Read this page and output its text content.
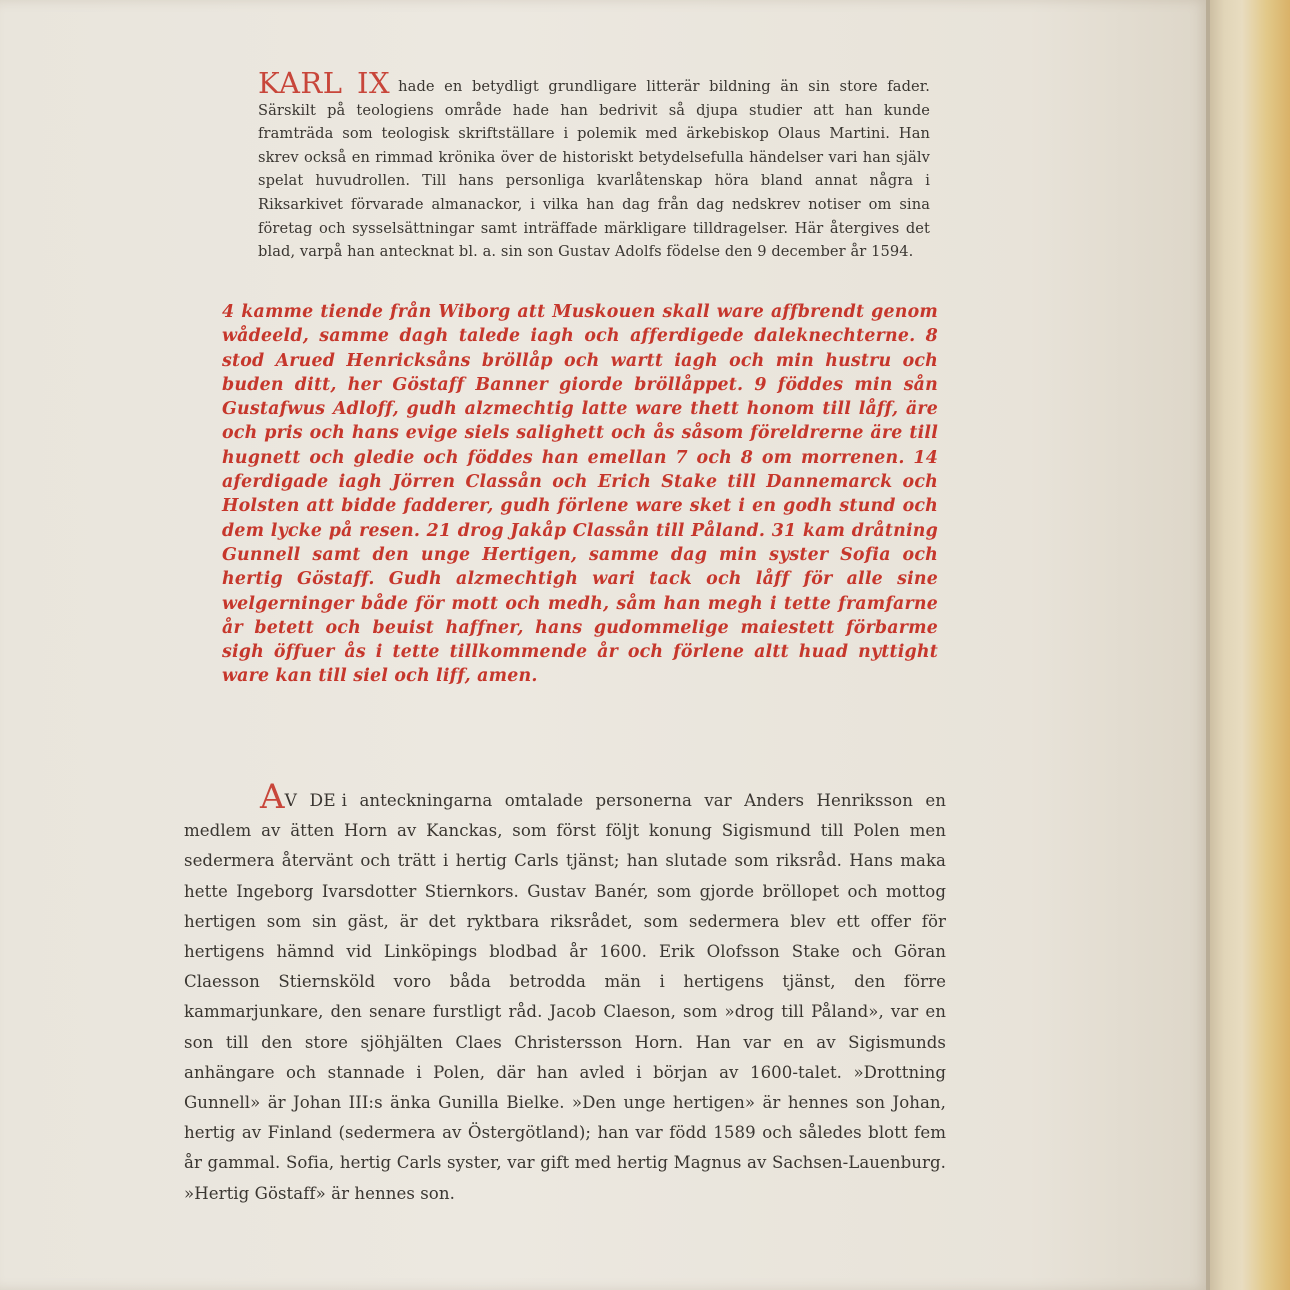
KARL IX hade en betydligt grundligare litterär bildning än sin store fader. Särskilt på teologiens område hade han bedrivit så djupa studier att han kunde framträda som teologisk skriftställare i polemik med ärkebiskop Olaus Martini. Han skrev också en rimmad krönika över de historiskt betydelsefulla händelser vari han själv spelat huvudrollen. Till hans personliga kvarlåtenskap höra bland annat några i Riksarkivet förvarade almanackor, i vilka han dag från dag nedskrev notiser om sina företag och sysselsättningar samt inträffade märkligare tilldragelser. Här återgives det blad, varpå han antecknat bl. a. sin son Gustav Adolfs födelse den 9 december år 1594.

4 kamme tiende från Wiborg att Muskouen skall ware affbrendt genom wådeeld, samme dagh talede iagh och afferdigede daleknechterne. 8 stod Arued Henricksåns bröllåp och wartt iagh och min hustru och buden ditt, her Göstaff Banner giorde bröllåppet. 9 föddes min sån Gustafwus Adloff, gudh alzmechtig latte ware thett honom till låff, äre och pris och hans evige siels salighett och ås såsom föreldrerne äre till hugnett och gledie och föddes han emellan 7 och 8 om morrenen. 14 aferdigade iagh Jörren Classån och Erich Stake till Dannemarck och Holsten att bidde fadderer, gudh förlene ware sket i en godh stund och dem lycke på resen. 21 drog Jakåp Classån till Påland. 31 kam dråtning Gunnell samt den unge Hertigen, samme dag min syster Sofia och hertig Göstaff. Gudh alzmechtigh wari tack och låff för alle sine welgerninger både för mott och medh, såm han megh i tette framfarne år betett och beuist haffner, hans gudommelige maiestett förbarme sigh öffuer ås i tette tillkommende år och förlene altt huad nyttight ware kan till siel och liff, amen.

AV DE i anteckningarna omtalade personerna var Anders Henriksson en medlem av ätten Horn av Kanckas, som först följt konung Sigismund till Polen men sedermera återvänt och trätt i hertig Carls tjänst; han slutade som riksråd. Hans maka hette Ingeborg Ivarsdotter Stiernkors. Gustav Banér, som gjorde bröllopet och mottog hertigen som sin gäst, är det ryktbara riksrådet, som sedermera blev ett offer för hertigens hämnd vid Linköpings blodbad år 1600. Erik Olofsson Stake och Göran Claesson Stiernsköld voro båda betrodda män i hertigens tjänst, den förre kammarjunkare, den senare furstligt råd. Jacob Claeson, som »drog till Påland», var en son till den store sjöhjälten Claes Christersson Horn. Han var en av Sigismunds anhängare och stannade i Polen, där han avled i början av 1600-talet. »Drottning Gunnell» är Johan III:s änka Gunilla Bielke. »Den unge hertigen» är hennes son Johan, hertig av Finland (sedermera av Östergötland); han var född 1589 och således blott fem år gammal. Sofia, hertig Carls syster, var gift med hertig Magnus av Sachsen-Lauenburg. »Hertig Göstaff» är hennes son.
